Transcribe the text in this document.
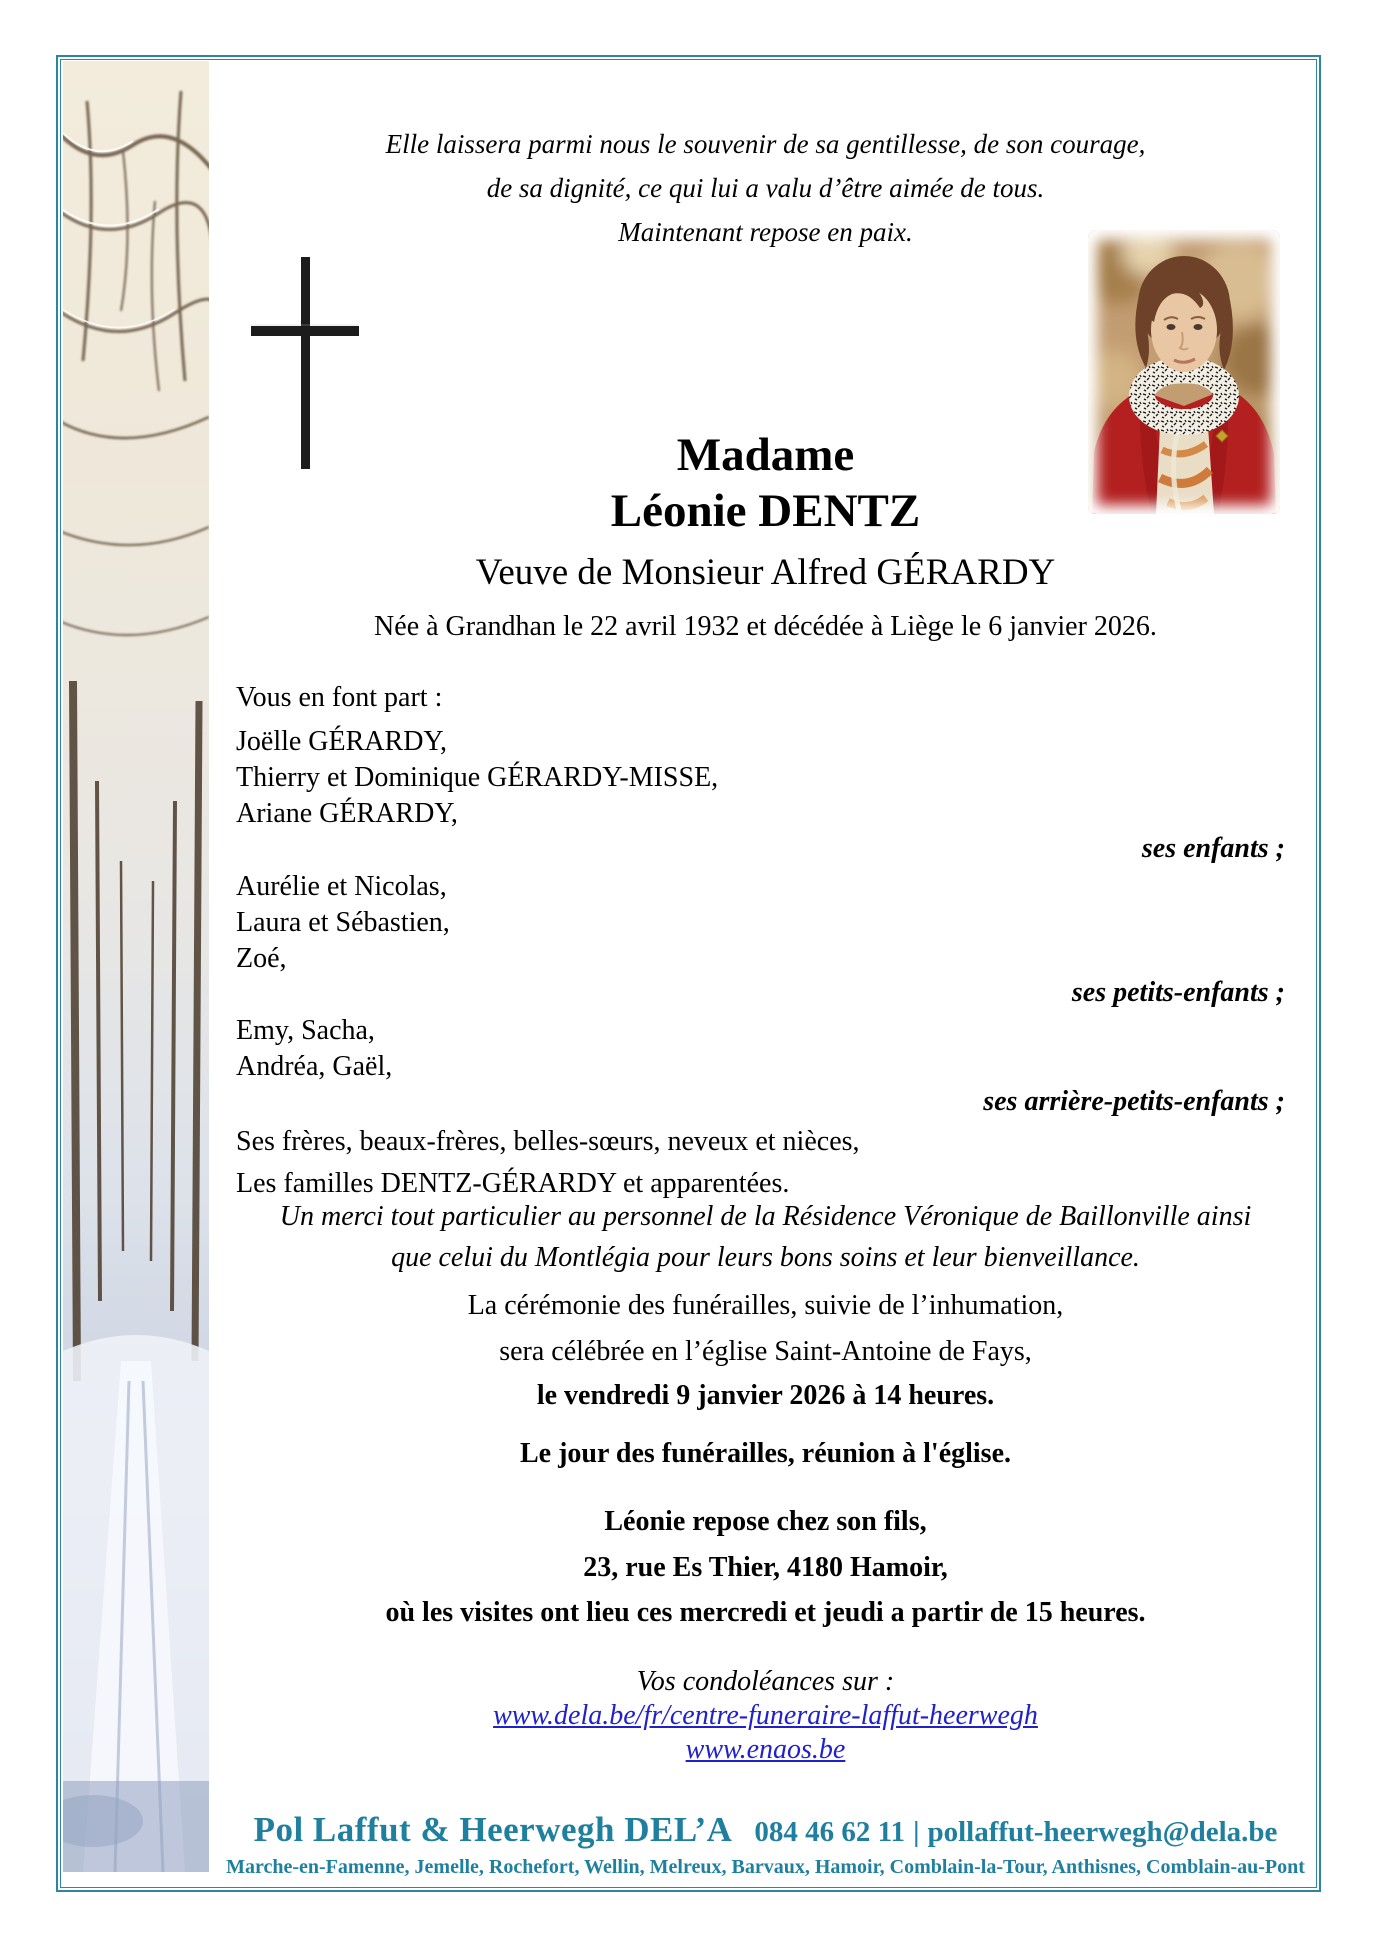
Elle laissera parmi nous le souvenir de sa gentillesse, de son courage,
de sa dignité, ce qui lui a valu d’être aimée de tous.
Maintenant repose en paix.
Madame
Léonie DENTZ
Veuve de Monsieur Alfred GÉRARDY
Née à Grandhan le 22 avril 1932 et décédée à Liège le 6 janvier 2026.
Vous en font part :
Joëlle GÉRARDY,
Thierry et Dominique GÉRARDY-MISSE,
Ariane GÉRARDY,
ses enfants ;
Aurélie et Nicolas,
Laura et Sébastien,
Zoé,
ses petits-enfants ;
Emy, Sacha,
Andréa, Gaël,
ses arrière-petits-enfants ;
Ses frères, beaux-frères, belles-sœurs, neveux et nièces,
Les familles DENTZ-GÉRARDY et apparentées.
Un merci tout particulier au personnel de la Résidence Véronique de Baillonville ainsi
que celui du Montlégia pour leurs bons soins et leur bienveillance.
La cérémonie des funérailles, suivie de l’inhumation,
sera célébrée en l’église Saint-Antoine de Fays,
le vendredi 9 janvier 2026 à 14 heures.
Le jour des funérailles, réunion à l'église.
Léonie repose chez son fils,
23, rue Es Thier, 4180 Hamoir,
où les visites ont lieu ces mercredi et jeudi a partir de 15 heures.
Vos condoléances sur :
www.dela.be/fr/centre-funeraire-laffut-heerwegh
www.enaos.be
Pol Laffut & Heerwegh DEL’A 084 46 62 11 | pollaffut-heerwegh@dela.be
Marche-en-Famenne, Jemelle, Rochefort, Wellin, Melreux, Barvaux, Hamoir, Comblain-la-Tour, Anthisnes, Comblain-au-Pont
